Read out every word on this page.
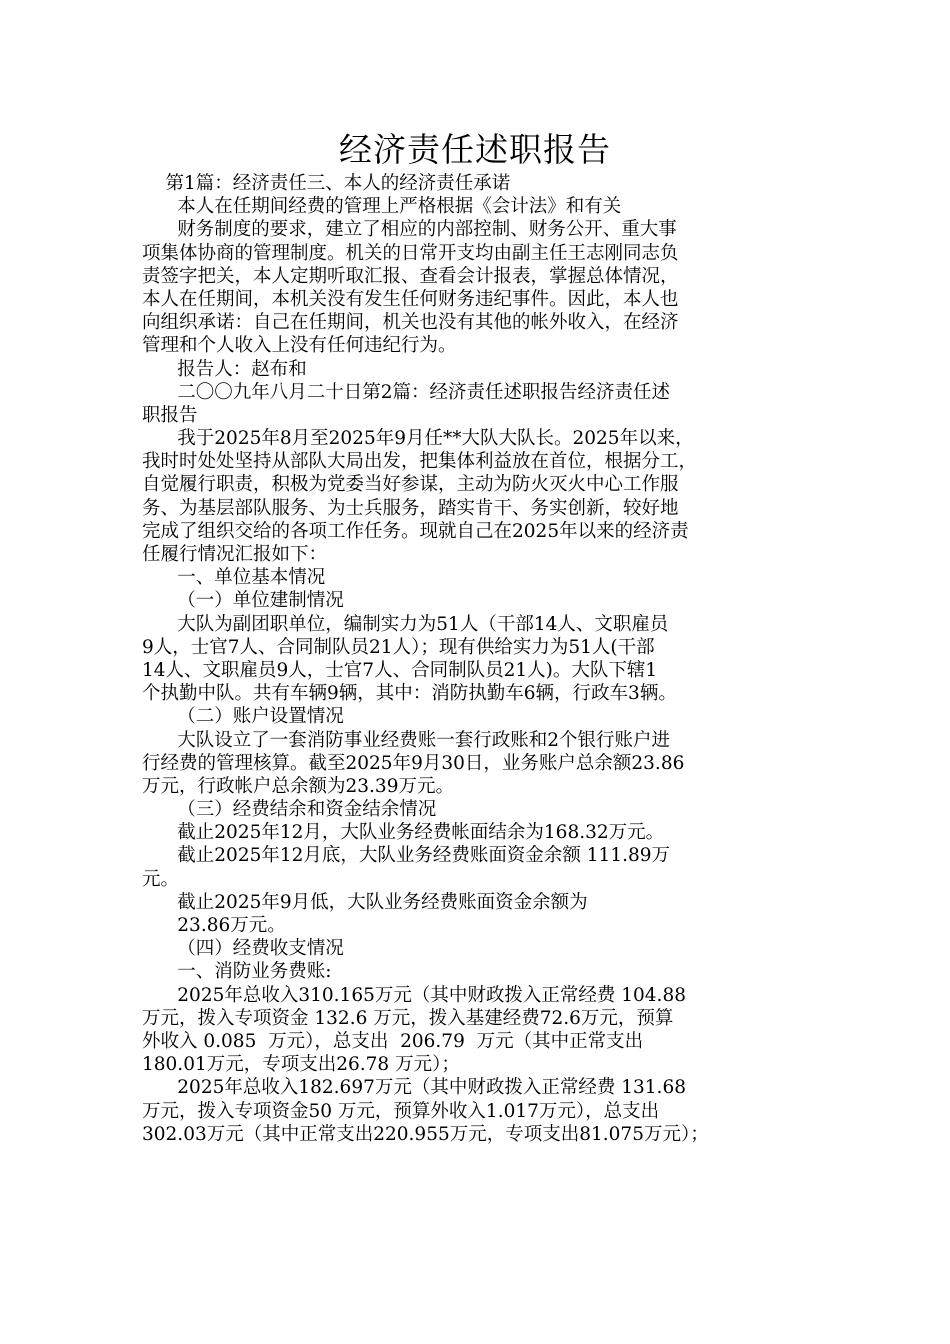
经济责任述职报告
第1篇：经济责任三、本人的经济责任承诺
本人在任期间经费的管理上严格根据《会计法》和有关
财务制度的要求，建立了相应的内部控制、财务公开、重大事
项集体协商的管理制度。机关的日常开支均由副主任王志刚同志负
责签字把关，本人定期听取汇报、查看会计报表，掌握总体情况，
本人在任期间，本机关没有发生任何财务违纪事件。因此，本人也
向组织承诺：自己在任期间，机关也没有其他的帐外收入，在经济
管理和个人收入上没有任何违纪行为。
报告人：赵布和
二〇〇九年八月二十日第2篇：经济责任述职报告经济责任述
职报告
我于2025年8月至2025年9月任**大队大队长。2025年以来，
我时时处处坚持从部队大局出发，把集体利益放在首位，根据分工，
自觉履行职责，积极为党委当好参谋，主动为防火灭火中心工作服
务、为基层部队服务、为士兵服务，踏实肯干、务实创新，较好地
完成了组织交给的各项工作任务。现就自己在2025年以来的经济责
任履行情况汇报如下：
一、单位基本情况
（一）单位建制情况
大队为副团职单位，编制实力为51人（干部14人、文职雇员
9人，士官7人、合同制队员21人）；现有供给实力为51人(干部
14人、文职雇员9人，士官7人、合同制队员21人)。大队下辖1
个执勤中队。共有车辆9辆，其中：消防执勤车6辆，行政车3辆。
（二）账户设置情况
大队设立了一套消防事业经费账一套行政账和2个银行账户进
行经费的管理核算。截至2025年9月30日，业务账户总余额23.86
万元，行政帐户总余额为23.39万元。
（三）经费结余和资金结余情况
截止2025年12月，大队业务经费帐面结余为168.32万元。
截止2025年12月底，大队业务经费账面资金余额 111.89万
元。
截止2025年9月低，大队业务经费账面资金余额为
23.86万元。
（四）经费收支情况
一、消防业务费账:
2025年总收入310.165万元（其中财政拨入正常经费 104.88
万元，拨入专项资金 132.6 万元，拨入基建经费72.6万元，预算
外收入 0.085  万元），总支出  206.79  万元（其中正常支出
180.01万元，专项支出26.78 万元）；
2025年总收入182.697万元（其中财政拨入正常经费 131.68
万元，拨入专项资金50 万元，预算外收入1.017万元），总支出
302.03万元（其中正常支出220.955万元，专项支出81.075万元）；
